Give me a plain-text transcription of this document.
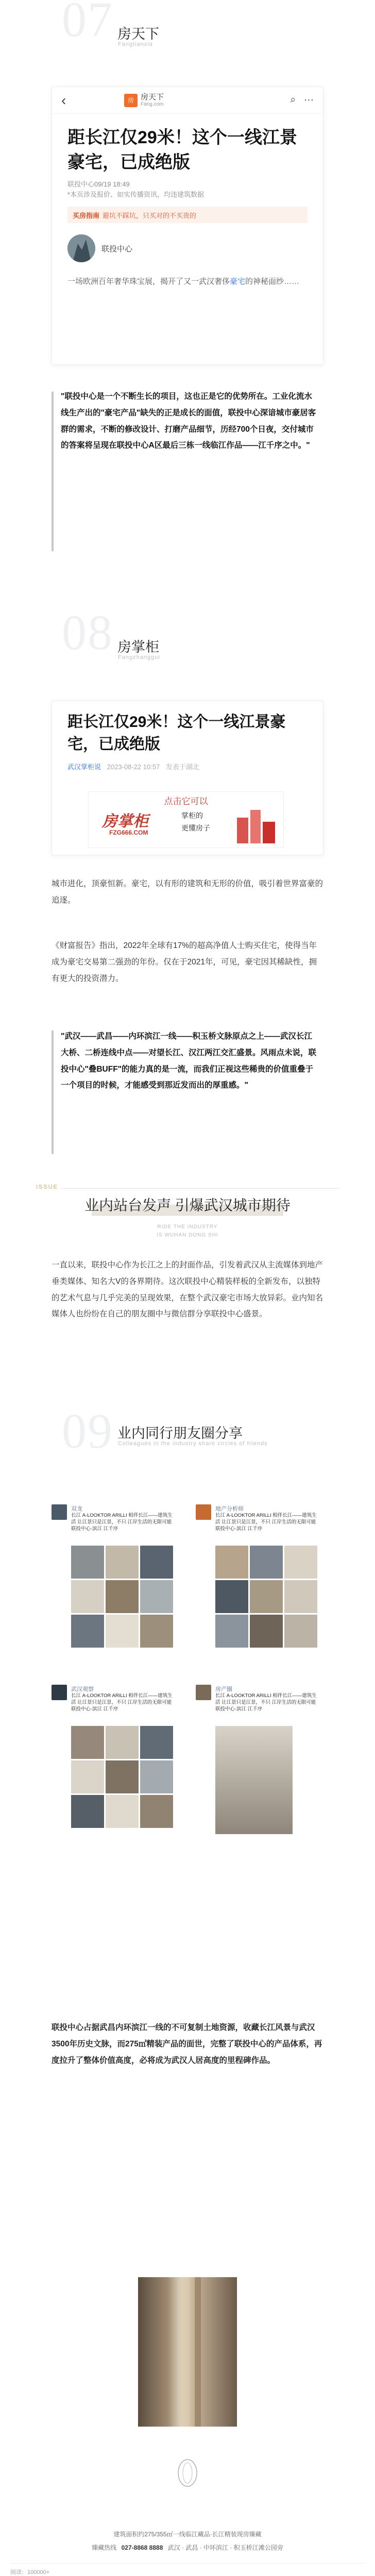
07 房天下
Fangtianxia
‹	房 房天下
Fang.com	⌕ ⋯
距长江仅29米！这个一线江景豪宅，已成绝版
联投中心09/19 18:49
*本页涉及报价、如实传播资讯，均违建筑数据
买房指南 避坑不踩坑，只买对的不买贵的
联投中心
一场欧洲百年奢华珠宝展，揭开了又一武汉奢侈豪宅的神秘面纱……
"联投中心是一个不断生长的项目，这也正是它的优势所在。工业化流水线生产出的"豪宅产品"缺失的正是成长的面值，联投中心深谙城市豪居客群的需求，不断的修改设计、打磨产品细节，历经700个日夜，交付城市的答案将呈现在联投中心A区最后三栋一线临江作品——江千序之中。"
08 房掌柜
Fangzhanggui
距长江仅29米！这个一线江景豪宅，已成绝版
武汉掌柜说 2023-08-22 10:57 发表于湖北
点击它可以
房掌柜
FZG666.COM
掌柜的
更懂房子
城市进化，顶豪恒新。豪宅，以有形的建筑和无形的价值，吸引着世界富豪的追逐。
《财富报告》指出，2022年全球有17%的超高净值人士购买住宅，使得当年成为豪宅交易第二强劲的年份。仅在于2021年，可见，豪宅因其稀缺性，拥有更大的投资潜力。
"武汉——武昌——内环滨江一线——积玉桥文脉原点之上——武汉长江大桥、二桥连线中点——对望长江、汉江两江交汇盛景。风雨点未说，联投中心"叠BUFF"的能力真的是一流，而我们正视这些稀贵的价值重叠于一个项目的时候，才能感受到那近发而出的厚重感。"
ISSUE
业内站台发声 引爆武汉城市期待
RIDE THE INDUSTRY
IS WUHAN DONG SHI
一直以来，联投中心作为长江之上的封面作品，引发着武汉从主流媒体到地产垂类媒体、知名大V的各界期待。这次联投中心精装样板的全新发布，以独特的艺术气息与几乎完美的呈现效果，在整个武汉豪宅市场大放异彩。业内知名媒体人也纷纷在自己的朋友圈中与微信群分享联投中心盛景。
09 业内同行朋友圈分享
Colleagues in the industry share circles of friends
双龙
长江 A-LOOKTOR ARILLI 相伴长江——建筑生活 让江景只是江景，不只 江岸生活的无限可能 联投中心·滨江 江千序
地产分析师
长江 A-LOOKTOR ARILLI 相伴长江——建筑生活 让江景只是江景，不只 江岸生活的无限可能 联投中心·滨江 江千序
武汉观察
长江 A-LOOKTOR ARILLI 相伴长江——建筑生活 让江景只是江景，不只 江岸生活的无限可能 联投中心·滨江 江千序
房产圈
长江 A-LOOKTOR ARILLI 相伴长江——建筑生活 让江景只是江景，不只 江岸生活的无限可能 联投中心·滨江 江千序
联投中心占据武昌内环滨江一线的不可复制土地资源，收藏长江风景与武汉3500年历史文脉，而275㎡精装产品的面世，完整了联投中心的产品体系，再度拉升了整体价值高度，必将成为武汉人居高度的里程碑作品。
建筑面积约275/355㎡一线临江藏品·长江精装现房臻藏
臻藏热线 027-8868 8888 武汉 · 武昌 · 中环滨江 · 积玉桥江滩公园旁
阅读：100000+
